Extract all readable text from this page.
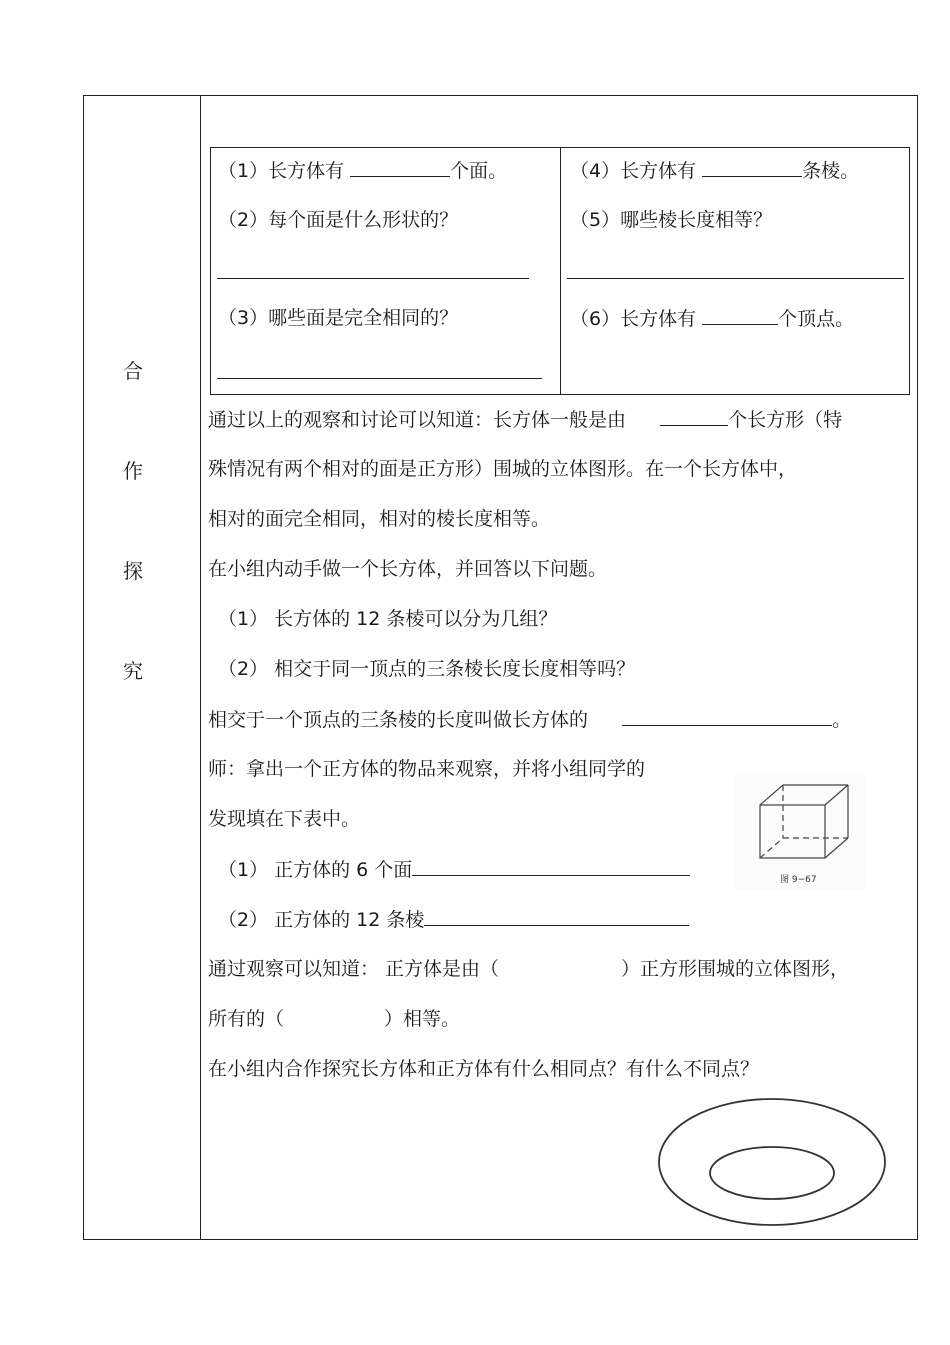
合
作
探
究
（1）长方体有	个面。
（2）每个面是什么形状的？
（3）哪些面是完全相同的？
（4）长方体有	条棱。
（5）哪些棱长度相等？
（6）长方体有	个顶点。
通过以上的观察和讨论可以知道：长方体一般是由	个长方形（特
殊情况有两个相对的面是正方形）围城的立体图形。在一个长方体中，
相对的面完全相同，相对的棱长度相等。
在小组内动手做一个长方体，并回答以下问题。
（1） 长方体的 12 条棱可以分为几组？
（2） 相交于同一顶点的三条棱长度长度相等吗？
相交于一个顶点的三条棱的长度叫做长方体的	。
师：拿出一个正方体的物品来观察，并将小组同学的
发现填在下表中。
（1） 正方体的 6 个面
（2） 正方体的 12 条棱
通过观察可以知道： 正方体是由（	）正方形围城的立体图形，
所有的（	）相等。
在小组内合作探究长方体和正方体有什么相同点？有什么不同点？
图 9−67
